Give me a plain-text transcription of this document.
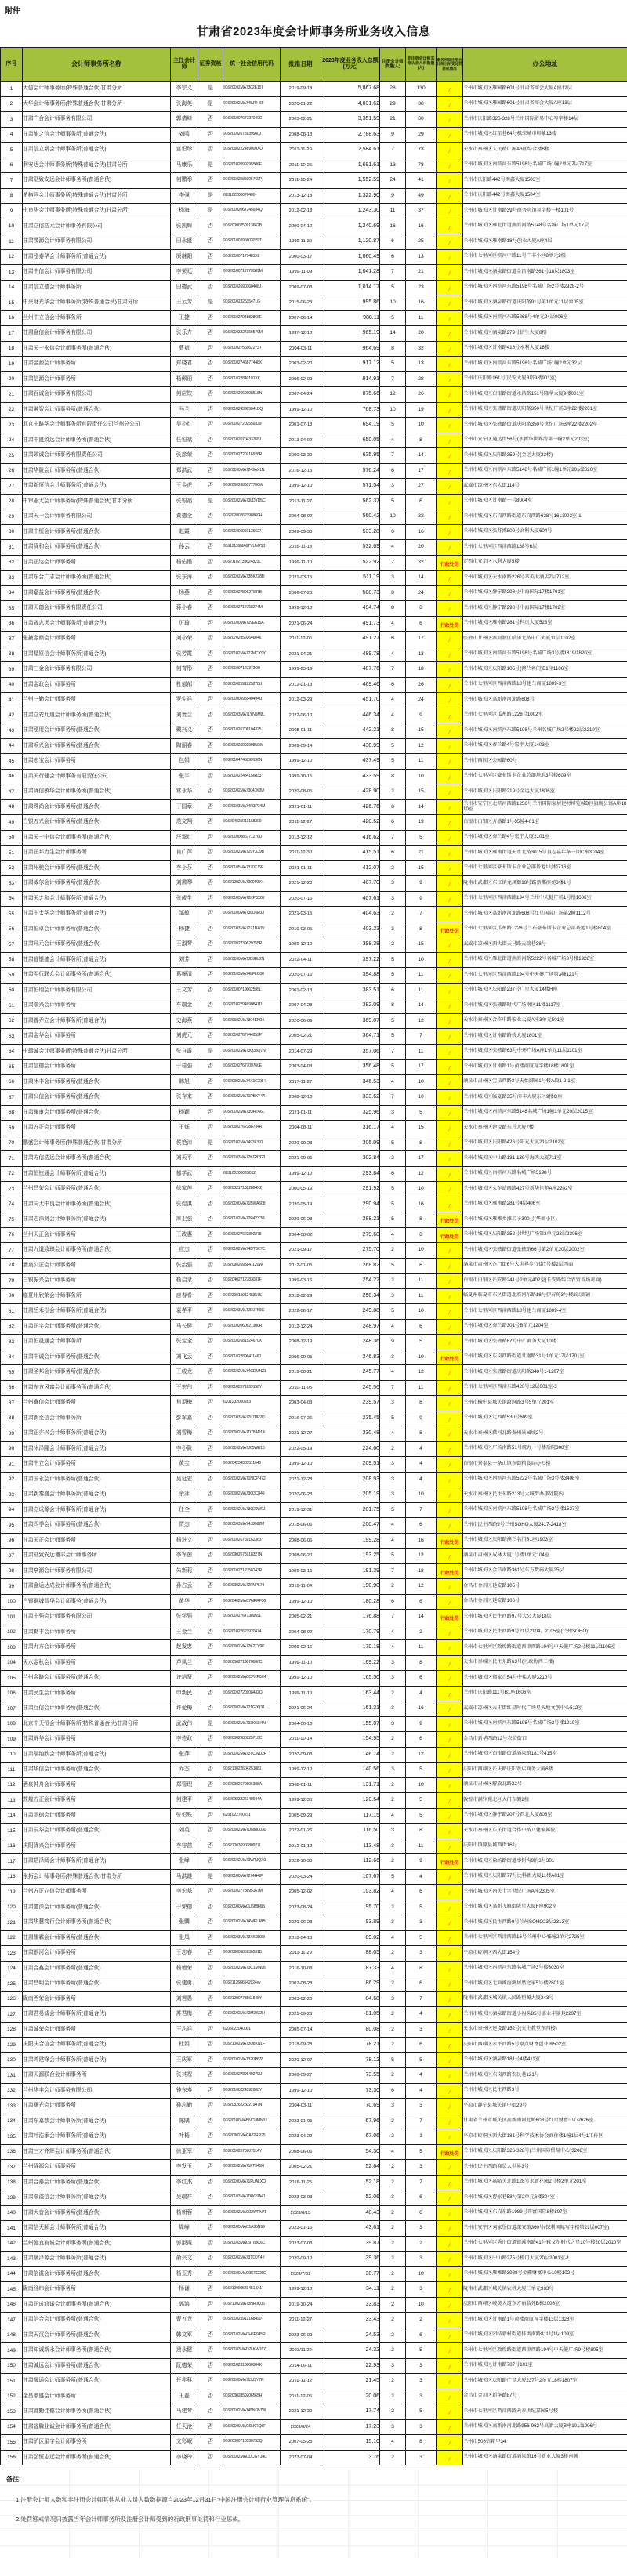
附件
甘肃省2023年度会计师事务所业务收入信息
序号	会计师事务所名称	主任会计师	证券资格	统一社会信用代码	批准日期	2023年度业务收入总额(万元)	注册会计师数量(人)	非注册会计师其他从业人员数量(人)	事务所及注册会计师当年受处罚惩戒情况	办公地址
1	大信会计师事务所(特殊普通合伙)甘肃分所	李宗义	是	91620102MA7302E15T	2019-09-18	5,867.68	28	130	/	兰州市城关区雁园路601号甘肃省商会大厦A座12层
2	大华会计师事务所(特殊普通合伙)甘肃分所	张海英	是	91620102MA745JTH6F	2020-01-22	4,031.62	29	80	/	兰州市城关区雁园路601号甘肃省商会大厦A座13层
3	甘肃广合会计师事务有限公司	郭倩峰	否	91620100767737040G	2005-02-21	3,351.59	21	80	/	兰州市庆阳路326-328号兰州国际贸易中心写字楼14层
4	甘肃能之信会计师事务所(普通合伙)	刘鸣	否	91620102675939980J	2008-08-13	2,788.63	9	29	/	兰州市城关区红星巷64号枫荣城市印象13楼
5	甘肃信立新会计师事务所(普通合伙)	富恒珍	否	9162050222489009XU	2011-11-29	2,584.61	7	73	/	天水市秦州区人民路广源A3区综合楼8楼
6	利安达会计师事务所(特殊普通合伙)甘肃分所	马康乐	是	91620102099295506E	2011-10-26	1,691.61	13	78	/	兰州市城关区南滨河东路5198号名城广场1幢2单元7层717室
7	甘肃励致安远会计师事务所(普通合伙)	何鹏举	否	91620102585905760P	2011-10-24	1,552.59	24	41	/	兰州市庆阳路442号闽鑫大厦1503室
8	希格玛会计师事务所(特殊普通合伙)甘肃分所	李强	是	620102200076400	2013-12-18	1,322.90	9	49	/	兰州市庆阳路442号闽鑫大厦1504室
9	中审华会计师事务所(特殊普通合伙)甘肃分所	杨海	是	91620102067245934Q	2012-02-18	1,243.30	11	37	/	兰州市城关区甘南路39号商务宾馆写字楼一楼101号
10	甘肃立信浩元会计师事务有限公司	张凯辉	否	91620000750913662B	2000-04-10	1,240.69	16	16	/	兰州市城关区雁北街道南滨河路5148号名城广场1单元17层
11	甘肃茂源会计师事务有限公司	田永盛	否	91620100296603029T	1999-11-30	1,120.87	6	25	/	兰州市城关区雁南路18号创业大厦A座4层
12	甘肃泓泰华会计师事务所(普通合伙)	原继阳	否	916201007177481X6	2000-03-17	1,060.49	6	13	/	兰州市七里河区滨河中路11号广丰小区8单元2楼
13	甘肃中信会计师事务有限公司	李荣廷	否	91620100712773589M	1999-11-09	1,041.28	7	21	/	兰州市城关区酒泉路街道金昌南路361号18层1803室
14	甘肃信立德会计师事务所	田德武	否	91620102690360408J	2009-07-03	1,014.17	5	23	/	兰州市城关区南滨河东路5198号名城广场2号楼2928-2号
15	中兴财光华会计师事务所(特殊普通合伙)甘肃分所	王云芳	是	9162010232535471G	2015-06-23	995.86	10	16	/	兰州市城关区酒泉路街道庆阳路91号第1单元11层1105室
16	兰州中立信会计师事务所	王捷	否	91620102794882868E	2007-06-14	988.11	5	11	/	兰州市城关区南滨河东路5268号4单元24层006室
17	甘肃金信会计师事务有限公司	张乐卉	否	91620102224358570M	1997-12-10	965.19	14	20	/	兰州市城关区酒泉路279号信生大厦8楼
18	甘肃天一永信会计师事务所(普通合伙)	曹斌	否	91620102756562273T	2004-03-11	964.69	8	32	/	兰州市城关区甘南路418号永利大厦18楼
19	甘肃金源会计师事务所	郑晓君	否	91620102745877448X	2003-02-20	917.12	5	13	/	兰州市城关区南滨河东路5198号名城广场1幢2单元32层
20	甘肃信源会计师事务所	杨佩丽	否	916201027840101XK	2006-02-09	914.91	7	28	/	兰州市庆阳路161号(民安大厦B塔9楼901室)
21	甘肃百诚会计师事务有限公司	何应钦	否	91620102660008518N	2007-04-24	875.66	12	26	/	兰州市城关区白银路街道永昌路151号隆华大厦9楼001室
22	甘肃融智会计师事务所(普通合伙)	马兰	否	9162010243905041BQ	1999-12-10	768.73	10	19	/	兰州市城关区张掖路街道庆阳路350号世纪广场B座22楼2201室
23	北京中路华会计师事务所有限责任公司兰州分公司	吴小红	否	916201027202559339	2001-07-13	694.19	5	10	/	兰州市城关区张掖路街道庆阳路350号世纪广场B座22楼2202室
24	甘肃中盛致远会计师事务所(普通合伙)	任恒斌	否	91620102070433768J	2013-04-02	650.05	4	8	/	兰州市安宁区通达街56号(永新华世界湾第一幢2单元203室)
25	甘肃荣诚会计师事务有限责任公司	张彦荣	否	91620102720216926R	2000-03-30	635.95	7	14	/	兰州市城关区庆阳路359号(金运大厦23楼)
26	甘肃华陇会计师事务所(普通合伙)	郑洪武	否	91620100MA7249AX1N	2016-12-15	576.24	6	17	/	兰州市城关区南滨河东路5148号名城广场1幢1单元20层2020室
27	甘肃新恒信会计师事务所(普通合伙)	王金虎	否	91620602686077706W	1999-12-10	571.54	3	27	/	武威市凉州区东大街114号
28	中审亚太会计师事务所(特殊普通合伙)甘肃分所	张银福	是	91620102MA73LDYD5C	2017-11-27	562.37	5	6	/	兰州市城关区甘南路一号8004室
29	甘肃天一会计师事务有限公司	黄德全	否	91620200762398860H	2004-08-02	560.42	10	32	/	兰州市城关区东岗西路街道东岗西路638号16层002室-1
30	甘肃中恒会计师事务所(普通合伙)	赵霞	否	916201006956136627	2009-09-30	533.28	6	16	/	兰州市城关区张苏滩800号高科大厦604号
31	甘肃陇和会计师事务所(普通合伙)	孙云	否	91610116MA6TYUM790	2016-11-18	532.69	4	20	/	兰州市七里河区西津西路188号6层
32	甘肃正达会计师事务所	杨佑锴	否	91621102739624823L	1999-11-10	522.92	7	32	行政处罚	定西市安定区水利大厦5楼
33	甘肃东合广志会计师事务所(普通合伙)	张东涛	否	91620102MA73BK728D	2021-03-15	511.19	3	14	/	兰州市城关区天水南路226号萃英大酒店7层712室
34	甘肃嘉益会计师事务所(普通合伙)	杨燕	否	91620102789627037B	2006-07-26	508.73	8	24	/	兰州市城关区静宁路298号中海国际17楼1701室
35	甘肃天德会计师事务有限责任公司	蒋小春	否	91620102712758274M	1999-12-10	494.74	8	8	/	兰州市城关区静宁路298号中海国际17楼1702室
36	甘肃省志远会计师事务所(普通合伙)	厉琦	否	91620100MA729E615A	2021-06-24	491.73	4	6	行政处罚	兰州市城关区雁南路281号科庆大厦528室
37	张掖金鼎会计师事务所	刘小荣	否	916207028593646046	2011-12-06	491.27	6	17	/	张掖市甘州区滨河新区临泽北路中广大厦11层1102室
38	甘肃星原信会计师事务所(普通合伙)	张芳霞	否	91620102MA722MCX9Y	2021-04-21	489.78	4	13	/	兰州市城关区南滨河东路5198号名城广场3号楼1819/1820室
39	甘肃三金会计师事务有限公司	何育彤	否	916201007127373O0	1999-03-16	487.76	7	18	/	兰州市城关区庆阳路105号(澳兰名门)B1座1106室
40	甘肃金政会计师事务所	杜郁郁	否	91620102591225278U	2012-01-13	469.46	6	26	/	兰州市七里河区西津西路18号建兰商厦1809-3室
41	兰州三勤会计师事务所	罗生祥	否	91620100595540494U	2012-03-29	451.70	4	24	/	兰州市城关区高新南河北路608号
42	甘肃立安九道会计师事务所(普通合伙)	刘贵兰	否	91620103MA7LYN5M9L	2022-06-10	446.34	4	9	/	兰州市七里河区瓜州路1228号1002室
43	甘肃泓用会计师事务所(普通合伙)	戴兴义	否	916201026708104325	2008-01-11	442.21	8	15	/	兰州市城关区南滨河东路5198号兰州名城广场2号楼22层2219室
44	甘肃禾兴会计师事务所(普通合伙)	陶丽春	否	91620102690390850W	2009-09-14	438.99	5	12	/	兰州市城关区秦兰路4号宏宇大厦1403室
45	甘肃宏宝会计师事务所	包娟	否	91620104745899196N	1999-12-10	437.49	5	11	/	兰州市西固区公园路60号
46	甘肃天行健会计师事务有限责任公司	张平	否	916201022434156833	1999-10-15	433.59	8	10	/	兰州市七里河区豪布斯卡企业总部基地3号楼609室
47	甘肃陇信敏华会计师事务所(普通合伙)	常永华	否	91620102MA73041K3U	2020-08-05	428.90	2	15	/	兰州市城关区庆阳路219号金运大厦1806室
48	甘肃殊尚会计师事务所(普通合伙)	丁国章	否	91620103MA74R3P24M	2021-01-11	426.76	6	14	/	兰州市安宁区北滨河西路1256号兰州国际家居建材博览城B区旗舰公寓A座1810室
49	白银万兴会计师事务所(普通合伙)	范文翔	否	916204025912168300	2011-12-27	420.52	6	19	/	白银市白银区万盛路1号05幢4-01室
50	甘肃天一中信会计师事务所(普通合伙)	汪翠红	否	91620100085771276D	2013-12-12	416.62	7	5	/	兰州市城关区秦兰路4号宏宇大厦2101室
51	甘肃正邦力生会计师事务所	肖广萍	否	91620102MA729YXJ9B	2011-12-30	415.51	6	21	/	兰州市城关区雁南街道天水北路3015号良志嘉年华一期C座3104室
52	甘肃州驰会计师事务所(普通合伙)	李小芬	否	91620105MA7370XJ6P	2021-01-11	412.07	2	15	/	兰州市七里河区豪布斯卡企业总部基地1号楼716室
53	甘肃威尔会计师事务所(普通合伙)	刘肃琴	否	91621202MA7399P3X4	2021-12-28	407.70	3	9	/	陇南市武都区东江镇龙凤街13号路新都滨苑3楼1号
54	甘肃天之和会计师事务所(普通合伙)	张成生	否	91620103MA72KP332U	2020-07-16	407.61	3	9	/	兰州市七里河区西津西路194号兰州中天健广场1号楼1606室
55	甘肃中太华会计师事务所(普通合伙)	邹敏	否	91620100MA73LU6E03	2021-03-15	404.63	2	7	/	兰州市城关区高新南河北路608号红星国际广场第2幢1112号
56	甘肃恒卓会计师事务所(普通合伙)	杨捷	否	91620103MA7271NA0V	2019-03-05	403.23	3	8	行政处罚	兰州市七里河区瓜州路1228号兰石豪布斯卡企业总部基地1号楼804室
57	甘肃开元会计师事务所(普通合伙)	王淑琴	否	91620602739629755R	1999-12-10	398.38	2	15	/	武威市凉州区西大街天马路天瑞巷38号
58	甘肃省银穗会计师事务所(普通合伙)	刘芳	否	91620100MA7JB9EL2N	2022-04-11	397.22	5	10	/	兰州市城关区雁北街道南滨河路5222号名城广场3号楼1928室
59	甘肃至行联众会计师事务所(普通合伙)	葛振清	否	91620103MA74LFLG30	2020-07-16	394.88	5	11	/	兰州市七里河区西津西路194号中天健广场第3幢121号
60	甘肃恒瑞会计师事务有限公司	王文芳	否	91620100719062595L	2001-02-13	383.51	6	11	/	兰州市城关区庆阳路237号广星大厦14楼H座
61	甘肃瑞兴会计师事务所	车瑞金	否	91620102794890841D	2007-04-28	382.09	8	14	/	兰州市城关区张掖路时代广场南区11楼1117室
62	甘肃普乔立会计师事务所(普通合伙)	史海燕	否	91620502MA7304EN04	2020-06-09	369.07	5	12	/	天水市秦州区合作中路宏业大厦A座3单元501室
63	甘肃金华会计师事务所	刘虎元	否	91620102767744259P	2005-02-21	364.71	5	7	/	兰州市城关区甘南路路桥大厦1801室
64	中瑞诚会计师事务所(特殊普通合伙)甘肃分所	张自霞	是	91620102MA73Q35Q7N	2014-07-29	357.06	7	11	/	兰州市城关区张掖路63号中环广场A座1单元11层1101室
65	甘肃信德会计师事务所	于桂强	否	91620102767709760E	2003-04-03	356.48	5	17	/	兰州市城关区甘南路1号黄楼商厦写字楼18楼1801室
66	甘肃沐丰会计师事务所(普通合伙)	韩旭	否	91620902MA74X1GX8H	2017-11-27	346.53	4	10	/	酒泉市肃州区宝泉西路3号天怡御园1号楼A段1-2-1室
67	甘肃公信会计师事务所(普通合伙)	张存来	否	91620102MA71PBKY4A	2008-12-16	333.62	7	10	/	兰州市城关区临夏路35号沛丰大厦东区9楼G座
68	甘肃臻审会计师事务所(普通合伙)	杨颖	否	91620102MA73UHT66L	2021-01-11	325.96	3	5	/	兰州市城关区南滨河东路5148名城广场1幢1单元20层2015室
69	甘肃方正会计师事务所	王烁	否	91620502762388734R	2004-08-11	316.17	4	15	/	天水市秦州区建设路东升大厦7楼
70	鹏盛会计师事务所(特殊普通合伙)甘肃分所	侯艳沛	是	91620102MA7493L39T	2020-09-23	305.09	5	8	/	兰州市城关区庆阳路426号阳光大厦21层2102室
71	甘肃方信浩远会计师事务所(普通合伙)	刘天平	否	91620103MA72KG82G3	2021-09-05	302.84	2	17	/	兰州市城关区中山路131-139号海鸿大厦711室
72	甘肃恒钰通会计师事务所(普通合伙)	郁学武	否	62010020003S012	1999-12-10	293.84	6	12	/	兰州市城关区南滨河东路名城广场5198号
73	兰州昌荣会计师事务所(普通合伙)	徐家莲	否	9162032171022894X2	2000-05-19	291.92	5	10	/	兰州市城关区火车站西路427号新华佳苑A座2202室
74	甘肃同太中良会计师事务所(普通合伙)	张煜淇	否	91620100MA71BWA608	2020-05-19	290.94	5	16	/	兰州市城关区雁南路281号4层406室
75	甘肃志深贤会计师事务所(普通合伙)	厚卫强	否	91620102MA72P4YY3B	2020-06-23	288.21	5	8	行政处罚	兰州市城关区雁滩乡滩尖子300号(华商小区)
76	兰州天正会计师事务所	王改惠	否	916201027623892278	2004-08-02	279.68	4	8	行政处罚	兰州市城关区庆阳路352号世纪广场第3单元23层2306室
77	甘肃九道致臻会计师事务所(普通合伙)	应杰	否	91620102MA74DT0K7C	2021-09-17	275.70	2	10	/	兰州市城关区张掖路街道张掖路66号第2单元20层2002室
78	酒泉公正会计师事务所	张治强	否	91620902695841120W	2012-01-05	268.82	5	8	/	酒泉市肃州区仓门街6号大世界步行街7号楼2层西面
79	白银振兴会计师事务所	杨启录	否	91620402712783031F	1999-03-16	254.22	2	11	/	白银市白银区长安路241号2单元402室(长安路综合农贸市场对面)
80	临夏州欣荣会计师事务所	唐春希	否	91622901591248357S	2012-02-29	250.34	3	11	/	临夏州临夏市东区街道北滨河东路18号伊春苑3号楼2层商铺
81	甘肃岳禾松会计师事务所(普通合伙)	袁孝平	否	91620103MA7JDJ7K8C	2022-08-17	249.88	5	10	/	兰州市七里河区西津西路18号建兰商厦1809-4室
82	甘肃正字会计师事务所(普通合伙)	马长健	否	91620102060621300R	2012-12-24	248.97	4	6	/	兰州市城关区秦兰路301号B单元1204室
83	甘肃恒晟通会计师事务所	张宝全	否	91620102681524670X	2008-12-19	248.36	9	5	/	兰州市城关区张掖路87号中广商务大厦10楼
84	甘肃中诚会计师事务所(普通合伙)	刘飞云	否	916201027896411460	2006-09-05	246.83	3	10	行政处罚	兰州市城关区东岗西路街道甘南路31号1单元17层1701室
85	甘肃圣邦会计师事务所(普通合伙)	王峻龙	否	91620102MA74CDMNZ1	2019-08-21	245.77	4	12	/	兰州市城关区张掖路街道庆阳路348号1-1207室
86	甘肃东方风富会计师事务所(普通合伙)	王宏伟	否	91620102571639158Y	2010-11-05	245.56	7	11	/	兰州市七里河区西津东路420号12层001室-3
87	兰州鑫信会计师事务所	焦羽梅	否	6201232000283	2003-04-03	239.57	3	8	/	兰州市榆中县城关镇政府路3号5单元201室
88	甘肃新至信会计师事务所	彭军嘉	否	91620103MA72L7DP2D	2016-07-26	235.45	5	9	/	兰州市城关区定西路530号609室
89	甘肃正亦兴会计师事务所(普通合伙)	刘雪梅	否	91620502MA7D78AD14	2021-12-27	230.48	4	8	/	天水市秦州区藉河北路秦州景园城2号
90	甘肃沐泽隆会计师事务所(普通合伙)	李小陇	否	91620102MA7J65WE16	2022-05-19	224.60	2	4	/	兰州市城关区广场南路51号统办一号楼后院308室
91	甘肃中立会计师事务所	黄宝	否	916204234383511040	1999-12-10	209.51	3	4	/	白银市景泰县一条山镇东街粮食局办公楼
92	甘肃国永会计师事务所(普通合伙)	吴延宏	否	91620102MA71NCPH72	2021-12-28	208.93	3	4	/	兰州市城关区南滨河东路5222号名城广场3号楼3408室
93	甘肃新秦盛会计师事务所(普通合伙)	余冰	否	91620502MA73Q3C849	2020-06-23	205.19	3	10	/	天水市秦州区民主东路213号大城街办事处院内
94	甘肃立成源会计师事务所(普通合伙)	任全	否	91620102MA73Q29W9J	2019-12-31	201.75	5	7	/	兰州市城关区南滨河东路5198号名城广场2号楼1527室
95	甘肃四季会计师事务所(普通合伙)	贾杰	否	91620103MA74J0B82M	2018-06-06	200.47	4	6	/	兰州市民主西路9号兰州SOHO大厦2417-2418室
96	甘肃天正会计师事务所	杨进文	否	916201026759162363	2008-06-06	199.28	4	16	行政处罚	兰州市城关区庆阳路澳兰名门B1座1903室
97	甘肃励致安远谨丰会计师事务所	李军莲	否	91620902675918327N	2008-06-20	193.25	5	12	/	酒泉市肃州区成林大厦1号楼1单元104室
98	甘肃亨源会计师事务有限公司	朱新莉	否	91620102712758143R	1999-03-16	191.39	7	18	行政处罚	兰州市城关区金昌南路361号东方数码大厦25层
99	甘肃金运达成会计师事务所(普通合伙)	孙占云	否	91620302MA72FNPL74	2019-11-04	190.90	2	12	/	金昌市金川区延安路105号
100	白银铜城智华会计师事务(普通合伙)	黄华	否	91620402MAC7NRRF90	1999-12-10	180.28	6	6	/	金昌市金川区延安路106号
101	甘肃中强会计师事务有限公司	张学强	否	91620102767738959L	2005-02-21	176.88	7	14	行政处罚	兰州市城关区民主西路97号大公大厦18层
102	甘肃勤丰会计师事务所	王金兰	否	916201027623920474	2004-08-02	170.79	4	2	/	兰州市城关区民主西路9号21层2104、2105室(兰州SOHO)
103	甘肃九方会计师事务所	赵发忠	否	91620602MA72K2TY9K	2009-02-16	170.18	4	11	/	兰州市七里河区敦煌路街道西津西路194号中天健广场2号楼11层1105室
104	天水金秋会计师事务所	芦凤兰	否	91620502719070636C	1999-11-10	169.22	3	8	/	天水市秦城区民主东路63号(区政协西二楼)
105	兰州金路会计师事务所(普通合伙)	许培贤	否	91620102MACCPKP0X4	1999-12-10	165.50	3	6	/	兰州市城关区郑家台54号中盐大厦3210号
106	甘肃民生会计师事务所	申新民	否	91620102720208432Q	1999-11-10	163.44	2	4	/	兰州市庆阳路111号B1座1606室
107	甘肃互信会计师事务所(普通合伙)	许爱梅	否	91620602MA721G0Q31	2021-06-24	161.31	3	16	/	武威市凉州区天丰街红星时代广场星天地文创中心512室
108	北京中天恒会计师事务所(特殊普通合伙)甘肃分所	武战伟	是	91620102MA733KGH4N	2004-06-16	155.07	3	9	/	兰州市城关区南滨河东路5198号名城广场2号楼1210室
109	甘肃锦华会计师事务所	李佐政	否	91620302585925710C	2011-10-14	154.95	2	6	/	金昌市新华西路12号农贸街口
110	甘肃瑞纳欣会计师事务所(普通合伙)	张萍	否	91620102MA73TCWU2F	2020-09-03	146.74	2	12	/	兰州市城关区白银路街道酒泉路181号415室
111	甘肃华信会计师事务所(普通合伙)	乔杰	否	916210022604251081	1999-12-10	140.56	3	5	/	庆阳市西峰区长庆路庆阳饭店商务大厦6楼
112	酒泉神舟会计师事务所	郑管理	否	91620902670806388A	2008-01-11	131.71	2	10	/	酒泉市肃州区解放北路22号
113	敦煌方正会计师事务所	何建平	否	91620982225140944A	1999-12-30	120.54	2	5	/	敦煌市润锌苑北区大门东侧2楼
114	甘肃尚德会计师事务所	张恒殊	否	6201022700211	2005-09-29	117.15	4	5	/	兰州市城关区静宁路207号西北大厦806室
115	甘肃辰华会计师事务所(普通合伙)	刘英	否	91620502MA7DNMC030	2022-01-26	116.50	3	8	/	天水市秦州区东关街道合作中路八建家属院
116	庆阳陇兴会计师事务所	李守喆	否	91621003690380927L	2012-01-12	113.48	3	11	/	庆阳市镇原县城西街16号
117	甘肃皓泽阅会计师事务所(普通合伙)	张峰	否	91620102MA73WTJQX0	2022-10-30	112.66	2	9	行政处罚	兰州市城关区盐场路街道枣树沟9附3号301
118	永拓会计师事务所(特殊普通合伙)甘肃分所	马洪雄	是	91620100MA7274H4IP	2020-03-24	107.67	5	4	/	兰州市城关区庆阳路77号比科新大厦11楼A01室
119	兰州方正立信会计师事务所	李宏基	否	91620102778895167M	2005-12-02	103.82	4	6	/	兰州市城关区南关十字世纪广场A座2305室
120	甘肃德深会计师事务所(普通合伙)	于荣德	否	91620100MACU688H95	2023-08-24	95.70	2	5	/	兰州市城关区高新飞雁街陇星大厦F座902室
121	甘肃华慧笃行会计师事务所(普通合伙)	张麟	否	91620102MA74WEL48B	2020-06-23	93.89	3	3	/	兰州市城关区民主西路9号兰州SOHO23层2313室
122	甘肃儒霖会计师事务所(普通合伙)	张凤	否	91620103MA73XK0D3B	2018-04-13	89.02	4	5	/	兰州市七里河区西津西路16号兰州中心45幢2单元2725室
123	甘肃银河会计师事务所	王志春	否	91620800585936591B	2011-11-29	88.05	2	3	/	平凉市崆峒区西大街154号
124	甘肃合鑫会计师事务所(普通合伙)	杨增荣	否	91620102MA73C1MN96	2016-10-08	87.33	4	8	/	兰州市城关区南滨河东路名城广场3号楼3030室
125	甘肃昌明会计师事务所(普通合伙)	张建勇	否	9162112666542924xy	2007-08-28	86.29	2	6	/	兰州市城关区北面滩海鸿居然之家5号楼2801室
126	陇南西荣会计师事务所	刘若愚	否	91621200778861848Y	2003-02-20	84.68	3	7	/	陇南市武都区城关镇人民路恒源大厦243号
127	甘肃君易诚会计师事务所(普通合伙)	苏君梅	否	91620102MA72M2832H	2021-09-28	81.05	2	4	/	兰州市城关区酒泉路街道小沟头85号盛业丰景苑2207室
128	甘肃诚荣会计师事务所	王志祥	否	6205022040001	2005-07-14	80.08	2	3	/	天水市秦州区建设路152号(天主教堂东四楼)
129	庆阳庆合信会计师事务所(普通合伙)	杜娟	否	91621002MA73U8KN1F	2018-09-28	78.21	2	6	/	庆阳市西峰区永平西路5号原点财富创业园502室
130	甘肃鸿建锋会计师事务所(普通合伙)	王庆军	否	91620102MA7320P678	2020-12-07	78.12	5	5	/	兰州市城关区酒泉路181号4楼411室
131	甘肃天源联合会计师事务所	张其祝	否	91620102789649279U	2006-09-27	73.55	2	4	/	兰州市城关区东岗西路农民巷121号
132	兰州华丰会计师事务有限公司	钟东寿	否	91620100224392808Y	1999-12-10	73.30	6	4	/	兰州市城关区民主西路3号
133	甘肃曙光会计师事务所	孙志勤	否	91620826226021947N	2004-03-11	70.69	3	3	/	平凉市静宁县城关镇中街29号
134	甘肃东嘉歆会计师事务所(普通合伙)	陈隅	否	91620100MABNCUMN3J	2023-01-05	67.96	2	7	/	甘肃省兰州市城关区高新南河北路608号红星财富中心2626室
135	甘肃叶浩承会计师事务所(普通合伙)	叶杨	否	91620802MACA32RR25	2023-04-22	67.06	2	1	/	平凉市崆峒区西大街181号科学技术协会商住楼1幢1层4号1工作区
136	甘肃三才齐辉会计师事务所(普通合伙)	徐亚军	否	91620102675907014Y	2008-06-06	54.30	4	5	行政处罚	兰州市城关区庆阳路326-328号(兰州国际贸易中心)3208室
137	兰州陇源会计师事务所	李发玉	否	91620102MA71FT941H	2005-02-21	52.64	2	3	/	兰州市民主西路商贸大世界3号
138	甘肃合泰会计师事务所(普通合伙)	李红杰	否	91620100MA71FUALXQ	2016-11-25	52.18	2	7	/	兰州市城关区嘉峪关北路128号永新花园2号楼2单元201室
139	甘肃瑞溢信会计师事务所(普通合伙)	吴瑞祥	否	91620103MA7DBG9A41	2023-03-03	52.06	3	6	/	兰州市城关区曹家巷58号第2单元6楼304室
140	甘肃大音会计师事务所(普通合伙)	杨朝蓉	否	91620102MAC02WRN71	2023/8/15	48.43	2	6	/	兰州市城关区东岗东路1989号开富国际8楼807室
141	甘肃信天顺会计师事务所(普通合伙)	周峰	否	91620105MAC1A95N99	2023-01-16	43.61	2	3	/	兰州市安宁区刘家堡街道深安路360号(保利国际写字楼第21层007室)
142	兰州德宜有诚会计师事务所(普通合伙)	郭淑霞	否	91620103MAC9T88C6C	2023-07-03	39.87	2	2	/	兰州市七里河区秀川街道银滩南路41号雅戈尔时代之星10号楼20层2010室
143	甘肃晟泽源会计师事务所(普通合伙)	俞兴文	否	91620102MA73TD0Y4Y	2020-09-10	39.36	2	3	/	兰州市城关区中山路275号桥门大厦20层2001室-1
144	甘肃倍溢会计师事务所(普通合伙)	杨玉秀	否	91620100MAC9KTCD8D	2023/7/31	38.77	2	10	/	兰州市城关区雁滩路3988号金雁财富中心10楼102号
145	陇南经纬会计师事务所	杨谦	否	9162120005314514X1	1999-12-10	34.11	2	3	/	陇南市武都区城关镇农机大厦三单元333号
146	甘肃正成鸿诺会计师事务所(普通合伙)	郭鸿	否	91621002MA73NRJC05	2019-10-24	33.83	2	10	/	庆阳市西峰区岐黄大道东方丽晶苑B栋2008室
147	甘肃信合会计师事务所(普通合伙)	曹万龙	否	916201025912168490	2011-12-27	33.43	2	2	/	兰州市城关区甘南路1号黄楼商厦写字楼13层1328室
148	甘肃天汉会计师事务所(普通合伙)	韩文军	否	91620102MACH6E945R	2023-06-09	24.53	2	6	/	兰州市城关区团结新村街道排洪南路811号1层109室
149	甘肃知诚新永会计师事务所(普通合伙)	逯永健	否	91620103MAD7LKW187	2023/11/22	24.32	2	5	/	兰州市七里河区敦煌路街道西津西路194号中天健广场9号楼805室
150	甘肃诚远会计师事务所(普通合伙)	阮德荣	否	91620102316060384K	2014-06-11	22.93	3	3	/	兰州市城关区甘南路707号101室
151	甘肃晟通会计师事务所(普通合伙)	任兆科	否	91620100MA719J9Y7R	2019-11-12	21.45	2	3	/	兰州市城关区庆阳路广星大厦237号2单元18楼1807室
152	金昌鼎盛会计师事务所	王磊	否	91620302859206565H	2011-12-06	20.06	2	3	/	金昌市金川区新华路87号
153	甘肃睿勤佳德会计师事务所(普通合伙)	马建琴	否	91620102MA745ND57W	2021-12-30	17.74	2	5	/	兰州市七里河区西津西路天泰世纪嘉园5号楼
154	甘肃省腾业诚会计师事务所(普通合伙)	任天沧	否	91620100MAC6LKRQ8F	2023/8/24	17.23	3	3	/	兰州市城关区高新南河北路956-962号高新大厦B座10层1006号
155	甘肃矿区星宇会计师事务所	支彩岷	否	91620000710330733Q	2007-05-28	15.10	4	8	/	兰州市508信箱甲34
156	甘肃弘恒志远会计师事务所(普通合伙)	李晓玲	否	91620102MACDCGY14C	2023-07-04	3.76	2	3	/	兰州市城关区酒泉路街道酒泉路16号新业大厦3楼南侧
备注:
1.注册会计师人数和非注册会计师其他从业人员人数数据源自2023年12月31日“中国注册会计师行业管理信息系统”。
2.处罚惩戒情况只披露当年会计师事务所及注册会计师受到的行政刑事处罚和行业惩戒。
